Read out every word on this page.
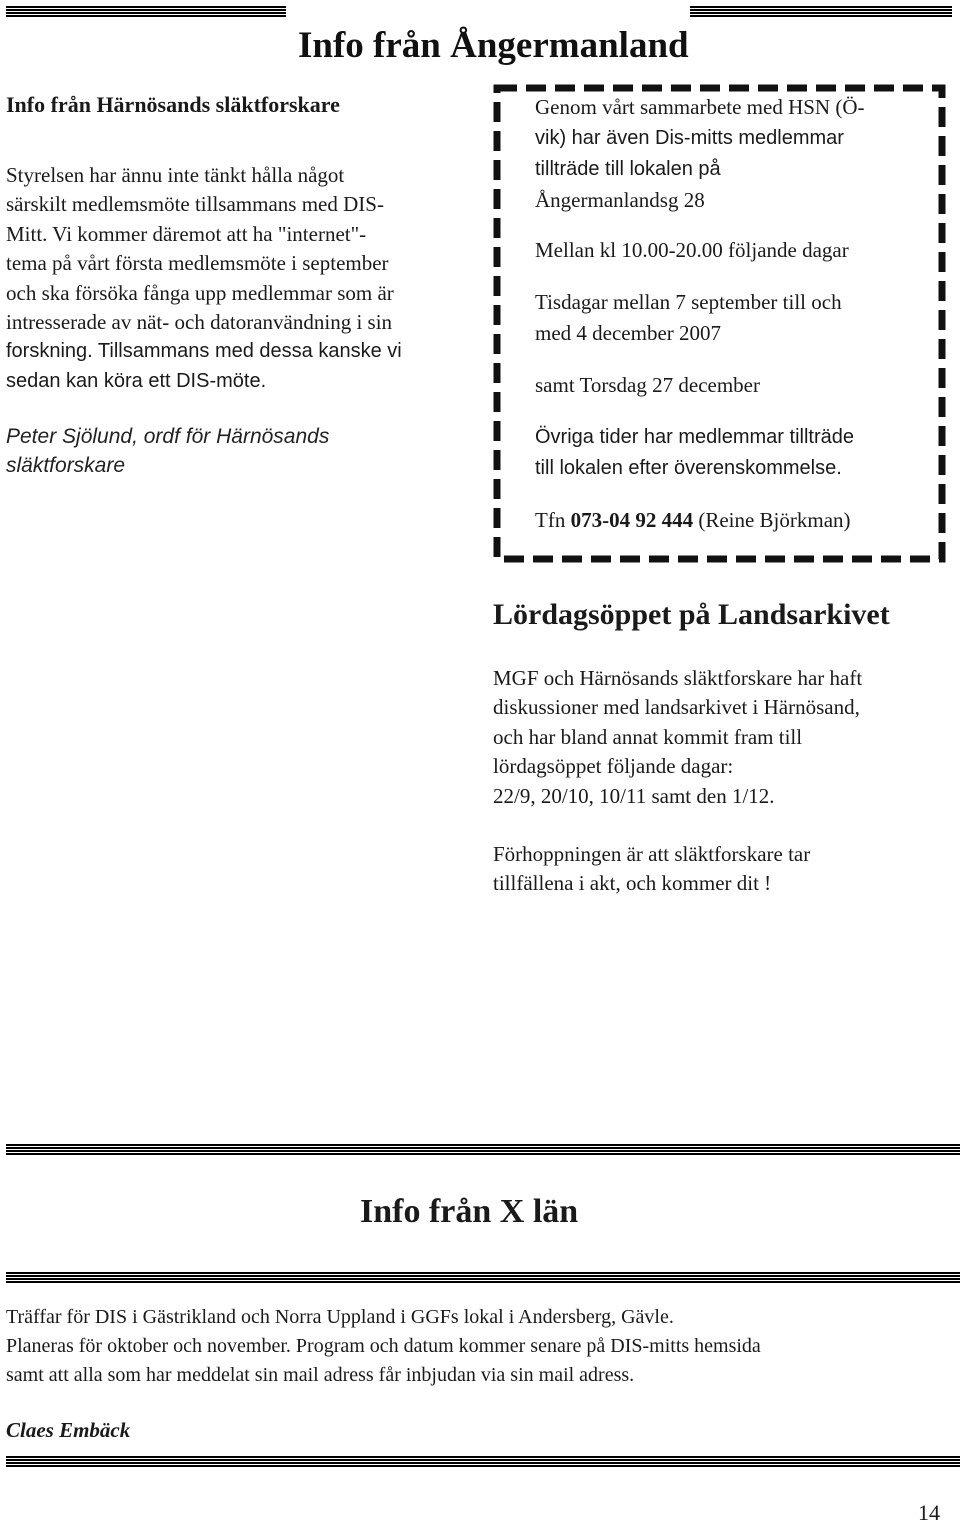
Info från Ångermanland
Info från Härnösands släktforskare
Styrelsen har ännu inte tänkt hålla något
särskilt medlemsmöte tillsammans med DIS-
Mitt. Vi kommer däremot att ha "internet"-
tema på vårt första medlemsmöte i september
och ska försöka fånga upp medlemmar som är
intresserade av nät- och datoranvändning i sin
forskning. Tillsammans med dessa kanske vi
sedan kan köra ett DIS-möte.
Peter Sjölund, ordf för Härnösands
släktforskare
Genom vårt sammarbete med HSN (Ö-
vik) har även Dis-mitts medlemmar
tillträde till lokalen på
Ångermanlandsg 28
Mellan kl 10.00-20.00 följande dagar
Tisdagar mellan 7 september till och
med 4 december 2007
samt Torsdag 27 december
Övriga tider har medlemmar tillträde
till lokalen efter överenskommelse.
Tfn 073-04 92 444 (Reine Björkman)
Lördagsöppet på Landsarkivet
MGF och Härnösands släktforskare har haft
diskussioner med landsarkivet i Härnösand,
och har bland annat kommit fram till
lördagsöppet följande dagar:
22/9, 20/10, 10/11 samt den 1/12.
Förhoppningen är att släktforskare tar
tillfällena i akt, och kommer dit !
Info från X län
Träffar för DIS i Gästrikland och Norra Uppland i GGFs lokal i Andersberg, Gävle.
Planeras för oktober och november. Program och datum kommer senare på DIS-mitts hemsida
samt att alla som har meddelat sin mail adress får inbjudan via sin mail adress.
Claes Embäck
14
